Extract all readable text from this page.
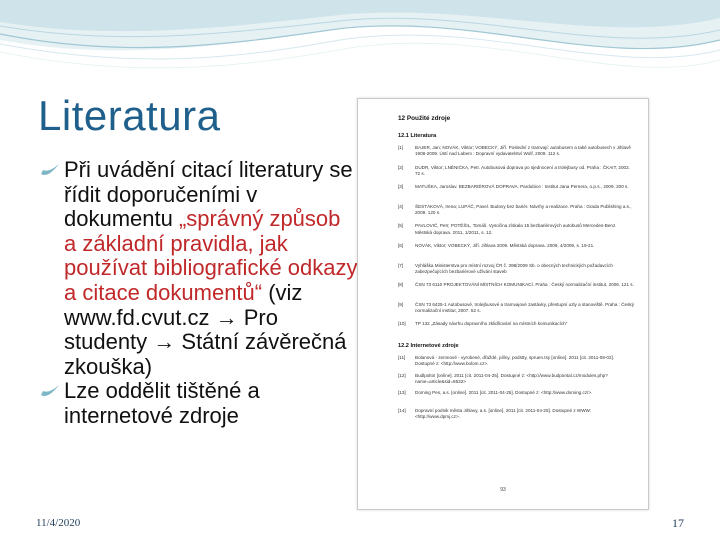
Literatura
Při uvádění citací literatury se řídit doporučeními v dokumentu „správný způsob a základní pravidla, jak používat bibliografické odkazy a citace dokumentů“ (viz www.fd.cvut.cz → Pro studenty → Státní závěrečná zkouška)
Lze oddělit tištěné a internetové zdroje
12 Použité zdroje
12.1 Literatura
[1]	BAJER, Jan; NOVÁK, Viktor; VOBECKÝ, Jiří. Poslední z tramvají: autobusem a také autobusech v Jihlavě 1908-2009. Ústí nad Labem : Dopravní vydavatelství Wolf, 2009. 112 s.
[2]	DUDR, Viktor; LNĚNIČKA, Petr. Autobusová doprava po sjednocení a trolejbusy od. Praha : ČKAIT, 2002. 72 s.
[3]	MATUŠKA, Jaroslav. BEZBARIÉROVÁ DOPRAVA. Pardubice : Institut Jana Pernera, o.p.s., 2009. 200 s.
[4]	ŠESTÁKOVÁ, Irena; LUPÁČ, Pavel. Budovy bez bariér. Návrhy a realizace. Praha : Grada Publishing a.s., 2009. 120 s.
[5]	PAVLOVIČ, Petr; POTĚŠIL, Tomáš. Vysočina získala 15 bezbariérových autobusů Mercedes-Benz. Městská doprava. 2011, 1/2011, s. 12.
[6]	NOVÁK, Viktor; VOBECKÝ, Jiří. Jihlava 2009. Městská doprava. 2009, 4/2009, s. 19-21.
[7]	Vyhláška Ministerstva pro místní rozvoj ČR č. 398/2009 Sb. o obecných technických požadavcích zabezpečujících bezbariérové užívání staveb
[8]	ČSN 73 6110 PROJEKTOVÁNÍ MÍSTNÍCH KOMUNIKACÍ. Praha : Český normalizační institut, 2006. 121 s.
[9]	ČSN 73 6425-1 Autobusové, trolejbusové a tramvajové zastávky, přestupní uzly a stanoviště. Praha : Český normalizační institut, 2007. 52 s.
[10]	TP 132 „Zásady návrhu dopravního zklidňování na místních komunikacích“
12.2 Internetové zdroje
[11]	Bolanová - zemnové - vyrobené, dřaždé, pilíny, podstty, spruen.tsy [online]. 2011 [cit. 2011-08-02]. Dostupné z: <http://www.bolom.cz>.
[12]	Budlpolto! [online]. 2011 [cit. 2011-04-25]. Dostupné z: <http://www.budpontal.cz/modules.php?name=article&sid=8532>
[13]	Doming Pes, a.s. [online]. 2011 [cit. 2011-04-25]. Dostupné z: <http://www.doming.cz/>.
[14]	Dopravní podnik města Jihlavy, a.s. [online]. 2011 [cit. 2011-04-25]. Dostupné z WWW: <http://www.dpmj.cz>.
93
11/4/2020	17
